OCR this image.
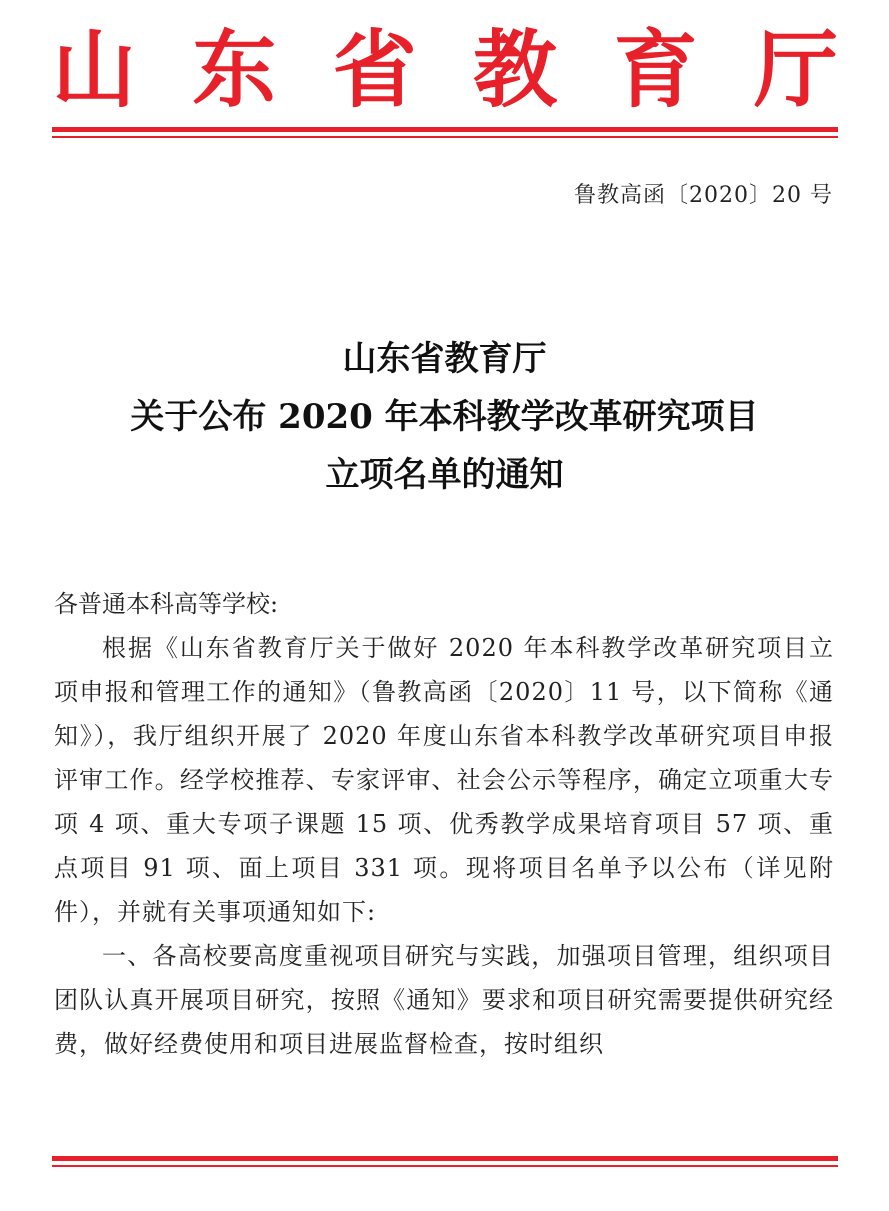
山 东 省 教 育 厅
鲁教高函〔2020〕20 号
山东省教育厅
关于公布 2020 年本科教学改革研究项目
立项名单的通知

各普通本科高等学校:

根据《山东省教育厅关于做好 2020 年本科教学改革研究项目立项申报和管理工作的通知》（鲁教高函〔2020〕11 号，以下简称《通知》），我厅组织开展了 2020 年度山东省本科教学改革研究项目申报评审工作。经学校推荐、专家评审、社会公示等程序，确定立项重大专项 4 项、重大专项子课题 15 项、优秀教学成果培育项目 57 项、重点项目 91 项、面上项目 331 项。现将项目名单予以公布（详见附件），并就有关事项通知如下:

一、各高校要高度重视项目研究与实践，加强项目管理，组织项目团队认真开展项目研究，按照《通知》要求和项目研究需要提供研究经费，做好经费使用和项目进展监督检查，按时组织
